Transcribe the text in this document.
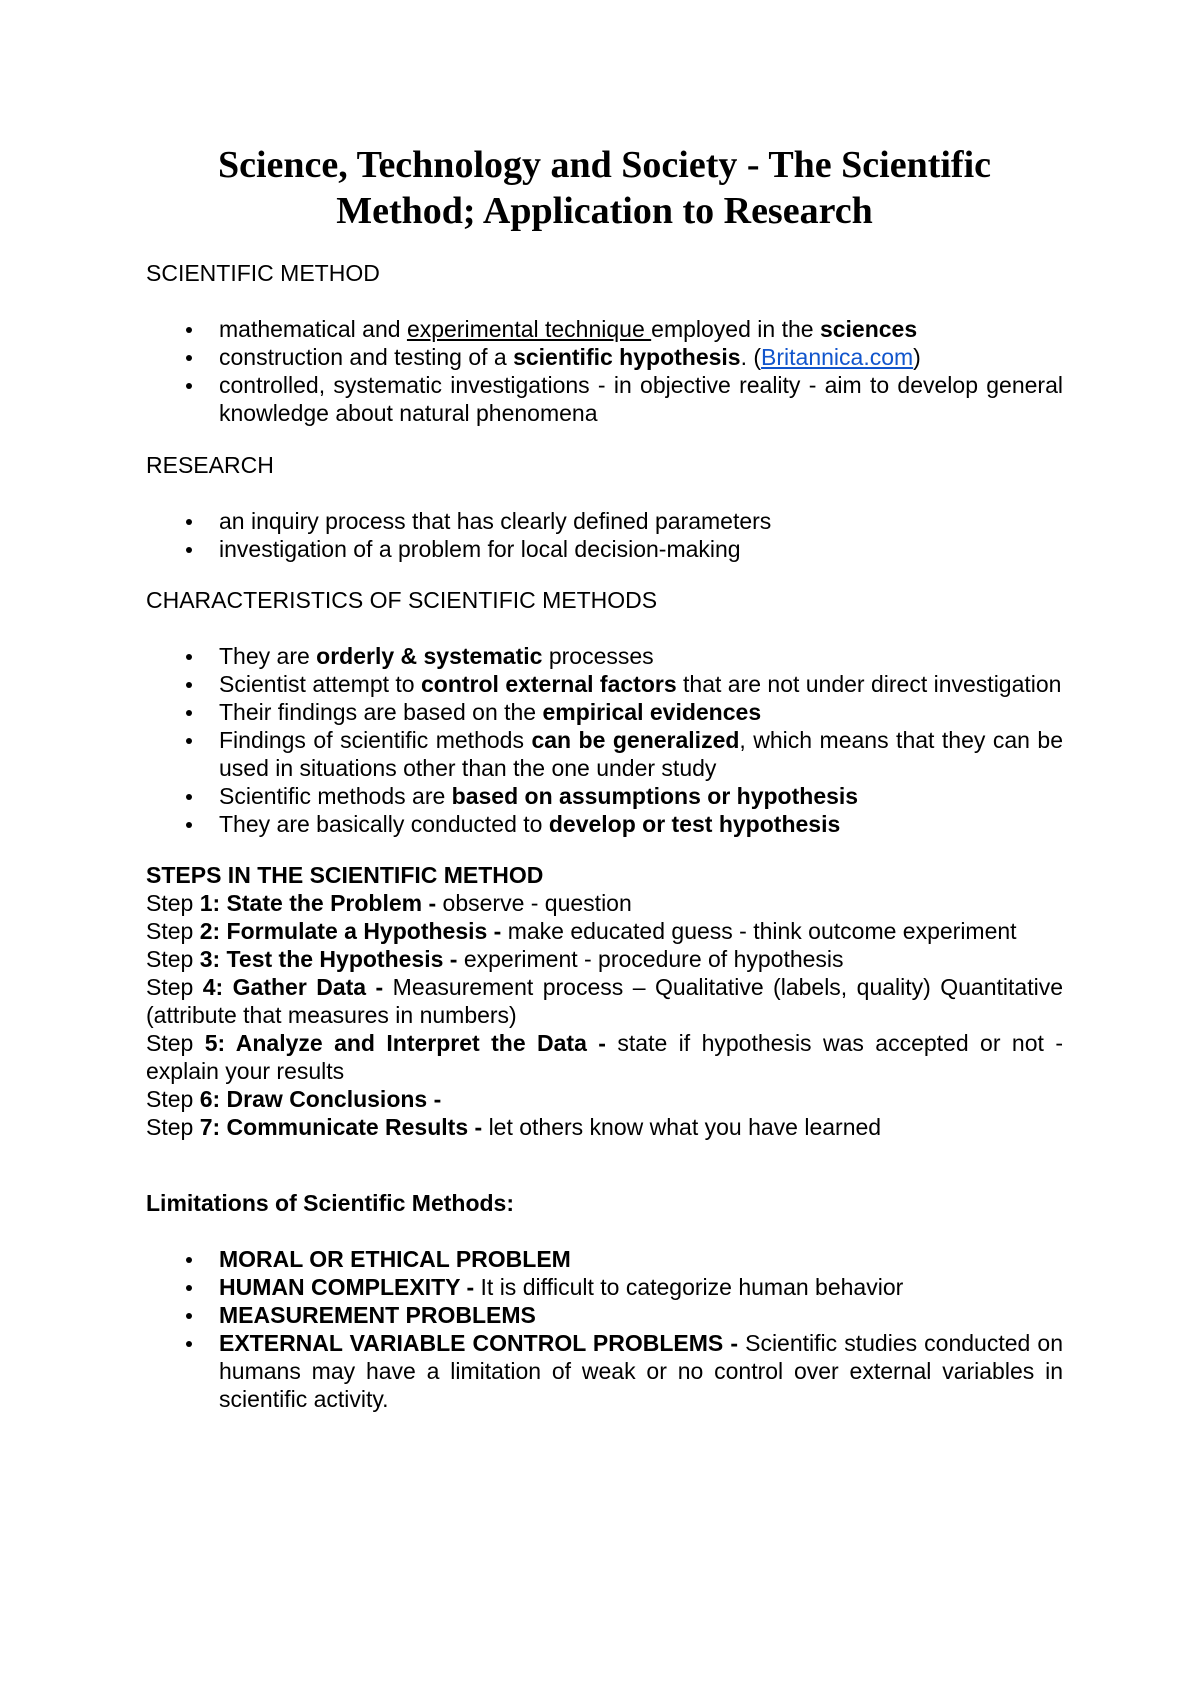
Science, Technology and Society - The Scientific
Method; Application to Research

SCIENTIFIC METHOD

mathematical and experimental technique employed in the sciences
construction and testing of a scientific hypothesis. (Britannica.com)
controlled, systematic investigations - in objective reality - aim to develop general knowledge about natural phenomena

RESEARCH

an inquiry process that has clearly defined parameters
investigation of a problem for local decision-making

CHARACTERISTICS OF SCIENTIFIC METHODS

They are orderly & systematic processes
Scientist attempt to control external factors that are not under direct investigation
Their findings are based on the empirical evidences
Findings of scientific methods can be generalized, which means that they can be used in situations other than the one under study
Scientific methods are based on assumptions or hypothesis
They are basically conducted to develop or test hypothesis

STEPS IN THE SCIENTIFIC METHOD

Step 1: State the Problem - observe - question

Step 2: Formulate a Hypothesis - make educated guess - think outcome experiment

Step 3: Test the Hypothesis - experiment - procedure of hypothesis

Step 4: Gather Data - Measurement process – Qualitative (labels, quality) Quantitative (attribute that measures in numbers)

Step 5: Analyze and Interpret the Data - state if hypothesis was accepted or not - explain your results

Step 6: Draw Conclusions -

Step 7: Communicate Results - let others know what you have learned

Limitations of Scientific Methods:

MORAL OR ETHICAL PROBLEM
HUMAN COMPLEXITY - It is difficult to categorize human behavior
MEASUREMENT PROBLEMS
EXTERNAL VARIABLE CONTROL PROBLEMS - Scientific studies conducted on humans may have a limitation of weak or no control over external variables in scientific activity.
